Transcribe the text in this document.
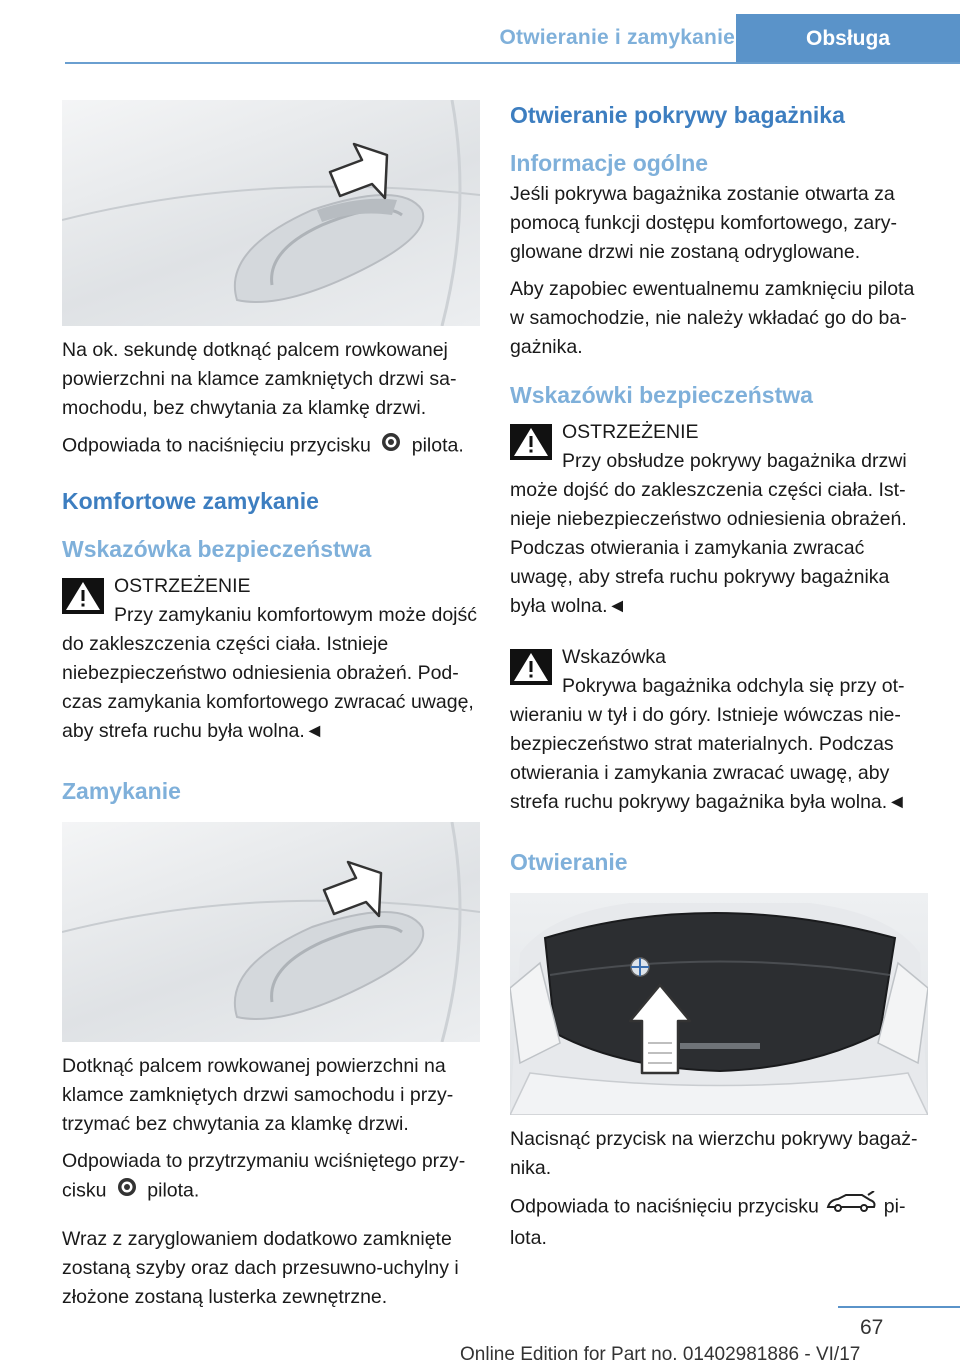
Otwieranie i zamykanie	Obsługa

Na ok. sekundę dotknąć palcem rowkowanej powierzchni na klamce zamkniętych drzwi samochodu, bez chwytania za klamkę drzwi.

Odpowiada to naciśnięciu przycisku pilota.

Komfortowe zamykanie
Wskazówka bezpieczeństwa
OSTRZEŻENIE
Przy zamykaniu komfortowym może dojść do zakleszczenia części ciała. Istnieje niebezpieczeństwo odniesienia obrażeń. Podczas zamykania komfortowego zwracać uwagę, aby strefa ruchu była wolna.◄
Zamykanie

Dotknąć palcem rowkowanej powierzchni na klamce zamkniętych drzwi samochodu i przytrzymać bez chwytania za klamkę drzwi.

Odpowiada to przytrzymaniu wciśniętego przycisku pilota.

Wraz z zaryglowaniem dodatkowo zamknięte zostaną szyby oraz dach przesuwno-uchylny i złożone zostaną lusterka zewnętrzne.

Otwieranie pokrywy bagażnika
Informacje ogólne

Jeśli pokrywa bagażnika zostanie otwarta za pomocą funkcji dostępu komfortowego, zaryglowane drzwi nie zostaną odryglowane.

Aby zapobiec ewentualnemu zamknięciu pilota w samochodzie, nie należy wkładać go do bagażnika.

Wskazówki bezpieczeństwa
OSTRZEŻENIE
Przy obsłudze pokrywy bagażnika drzwi może dojść do zakleszczenia części ciała. Istnieje niebezpieczeństwo odniesienia obrażeń. Podczas otwierania i zamykania zwracać uwagę, aby strefa ruchu pokrywy bagażnika była wolna.◄
Wskazówka
Pokrywa bagażnika odchyla się przy otwieraniu w tył i do góry. Istnieje wówczas niebezpieczeństwo strat materialnych. Podczas otwierania i zamykania zwracać uwagę, aby strefa ruchu pokrywy bagażnika była wolna.◄
Otwieranie

Nacisnąć przycisk na wierzchu pokrywy bagażnika.

Odpowiada to naciśnięciu przycisku	pilota.

67
Online Edition for Part no. 01402981886 - VI/17
